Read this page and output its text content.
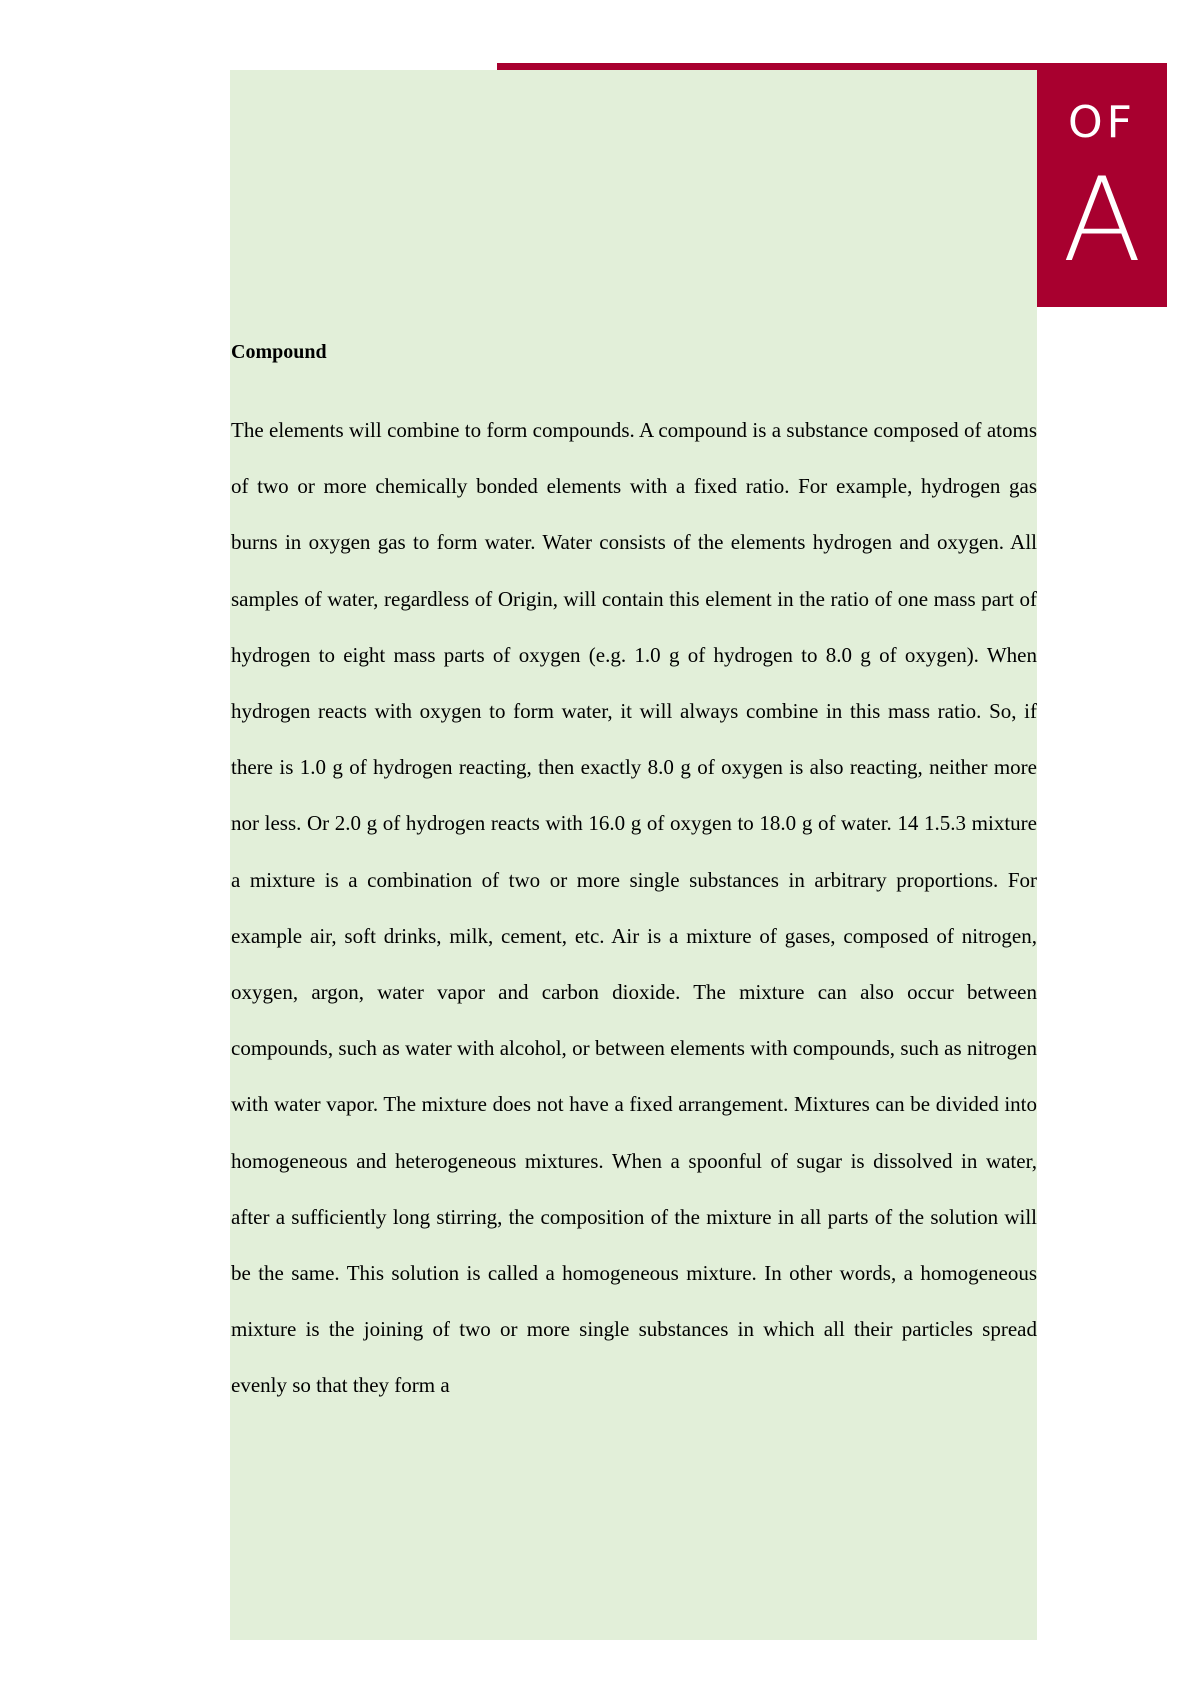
OF
A
Compound

The elements will combine to form compounds. A compound is a substance composed of atoms of two or more chemically bonded elements with a fixed ratio. For example, hydrogen gas burns in oxygen gas to form water. Water consists of the elements hydrogen and oxygen. All samples of water, regardless of Origin, will contain this element in the ratio of one mass part of hydrogen to eight mass parts of oxygen (e.g. 1.0 g of hydrogen to 8.0 g of oxygen). When hydrogen reacts with oxygen to form water, it will always combine in this mass ratio. So, if there is 1.0 g of hydrogen reacting, then exactly 8.0 g of oxygen is also reacting, neither more nor less. Or 2.0 g of hydrogen reacts with 16.0 g of oxygen to 18.0 g of water. 14 1.5.3 mixture a mixture is a combination of two or more single substances in arbitrary proportions. For example air, soft drinks, milk, cement, etc. Air is a mixture of gases, composed of nitrogen, oxygen, argon, water vapor and carbon dioxide. The mixture can also occur between compounds, such as water with alcohol, or between elements with compounds, such as nitrogen with water vapor. The mixture does not have a fixed arrangement. Mixtures can be divided into homogeneous and heterogeneous mixtures. When a spoonful of sugar is dissolved in water, after a sufficiently long stirring, the composition of the mixture in all parts of the solution will be the same. This solution is called a homogeneous mixture. In other words, a homogeneous mixture is the joining of two or more single substances in which all their particles spread evenly so that they form a
